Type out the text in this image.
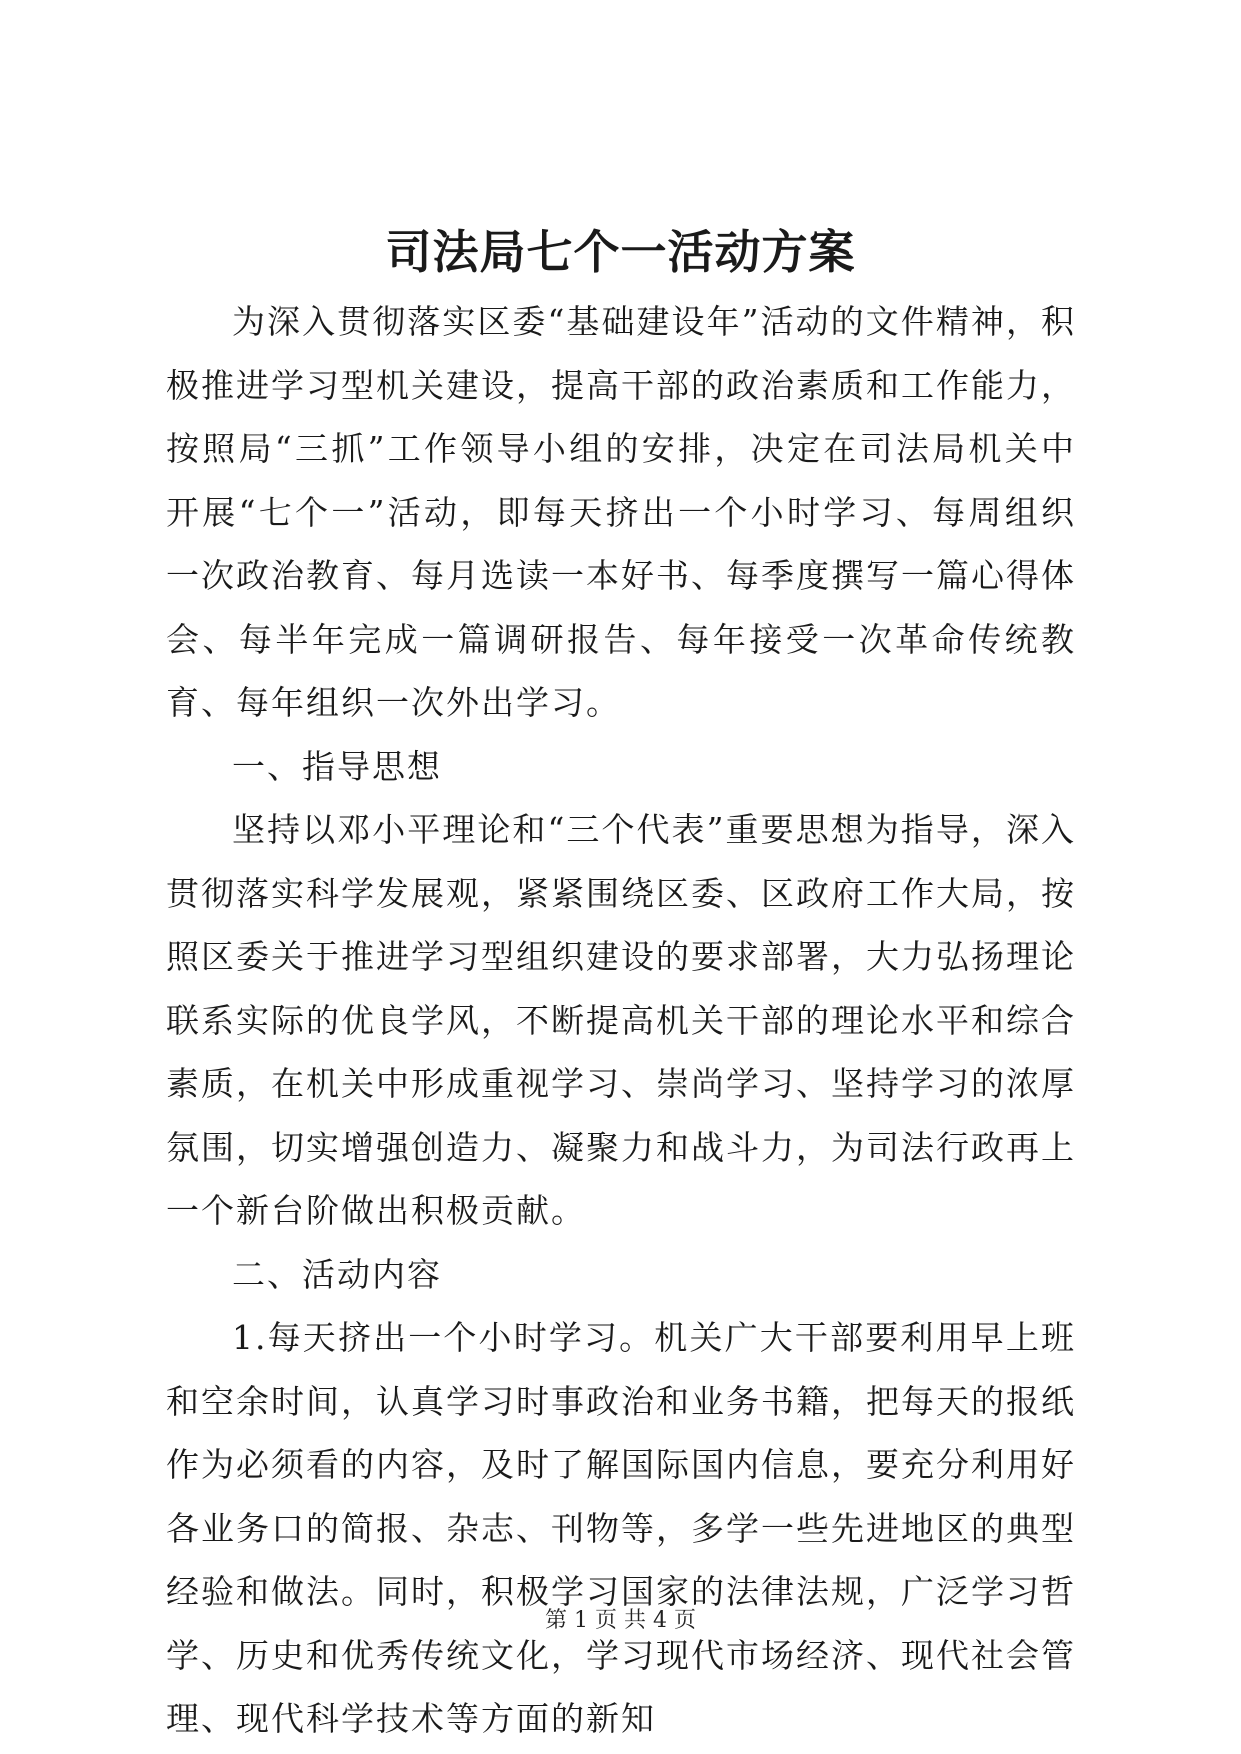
司法局七个一活动方案

为深入贯彻落实区委“基础建设年”活动的文件精神，积极推进学习型机关建设，提高干部的政治素质和工作能力，按照局“三抓”工作领导小组的安排，决定在司法局机关中开展“七个一”活动，即每天挤出一个小时学习、每周组织一次政治教育、每月选读一本好书、每季度撰写一篇心得体会、每半年完成一篇调研报告、每年接受一次革命传统教育、每年组织一次外出学习。

一、指导思想

坚持以邓小平理论和“三个代表”重要思想为指导，深入贯彻落实科学发展观，紧紧围绕区委、区政府工作大局，按照区委关于推进学习型组织建设的要求部署，大力弘扬理论联系实际的优良学风，不断提高机关干部的理论水平和综合素质，在机关中形成重视学习、崇尚学习、坚持学习的浓厚氛围，切实增强创造力、凝聚力和战斗力，为司法行政再上一个新台阶做出积极贡献。

二、活动内容

1.每天挤出一个小时学习。机关广大干部要利用早上班和空余时间，认真学习时事政治和业务书籍，把每天的报纸作为必须看的内容，及时了解国际国内信息，要充分利用好各业务口的简报、杂志、刊物等，多学一些先进地区的典型经验和做法。同时，积极学习国家的法律法规，广泛学习哲学、历史和优秀传统文化，学习现代市场经济、现代社会管理、现代科学技术等方面的新知

第 1 页 共 4 页
